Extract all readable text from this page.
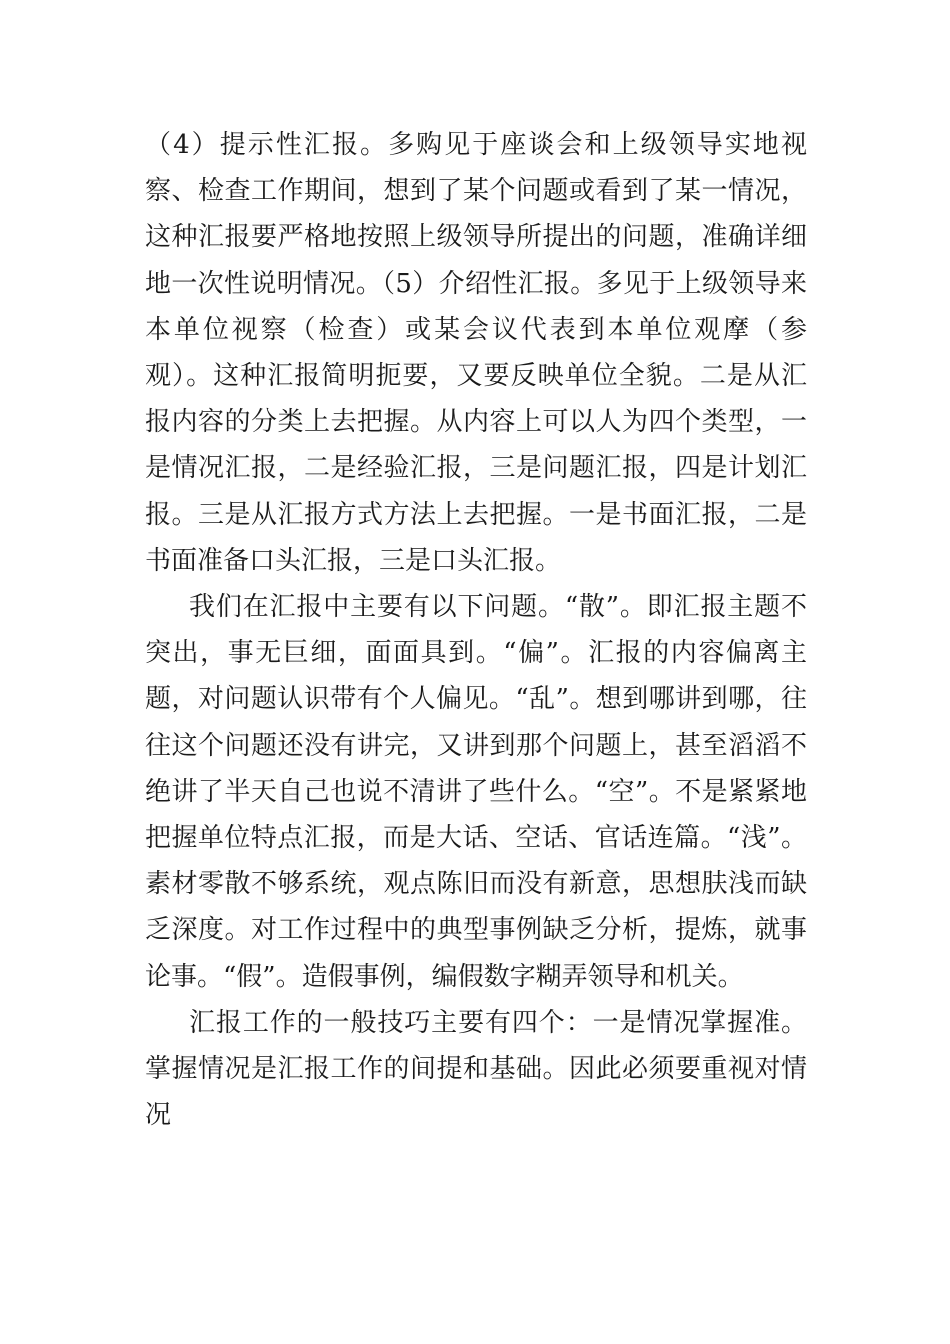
（4）提示性汇报。多购见于座谈会和上级领导实地视察、检查工作期间，想到了某个问题或看到了某一情况，这种汇报要严格地按照上级领导所提出的问题，准确详细地一次性说明情况。（5）介绍性汇报。多见于上级领导来本单位视察（检查）或某会议代表到本单位观摩（参观）。这种汇报简明扼要，又要反映单位全貌。二是从汇报内容的分类上去把握。从内容上可以人为四个类型，一是情况汇报，二是经验汇报，三是问题汇报，四是计划汇报。三是从汇报方式方法上去把握。一是书面汇报，二是书面准备口头汇报，三是口头汇报。

我们在汇报中主要有以下问题。“散”。即汇报主题不突出，事无巨细，面面具到。“偏”。汇报的内容偏离主题，对问题认识带有个人偏见。“乱”。想到哪讲到哪，往往这个问题还没有讲完，又讲到那个问题上，甚至滔滔不绝讲了半天自己也说不清讲了些什么。“空”。不是紧紧地把握单位特点汇报，而是大话、空话、官话连篇。“浅”。素材零散不够系统，观点陈旧而没有新意，思想肤浅而缺乏深度。对工作过程中的典型事例缺乏分析，提炼，就事论事。“假”。造假事例，编假数字糊弄领导和机关。

汇报工作的一般技巧主要有四个：一是情况掌握准。掌握情况是汇报工作的间提和基础。因此必须要重视对情况
